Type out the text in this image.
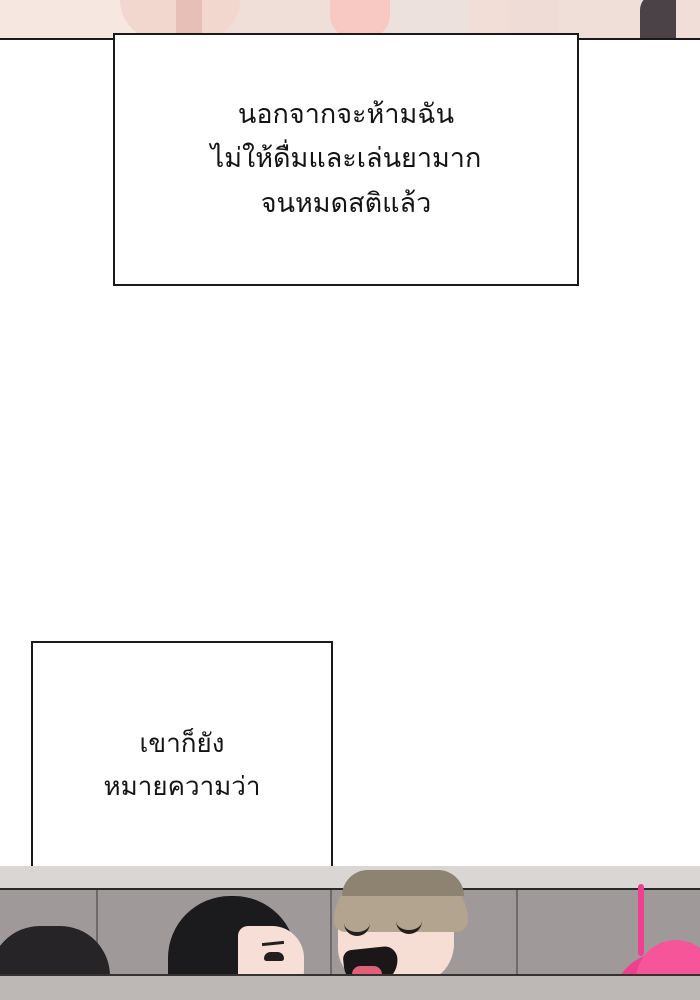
นอกจากจะห้ามฉัน
ไม่ให้ดื่มและเล่นยามาก
จนหมดสติแล้ว
เขาก็ยัง
หมายความว่า
